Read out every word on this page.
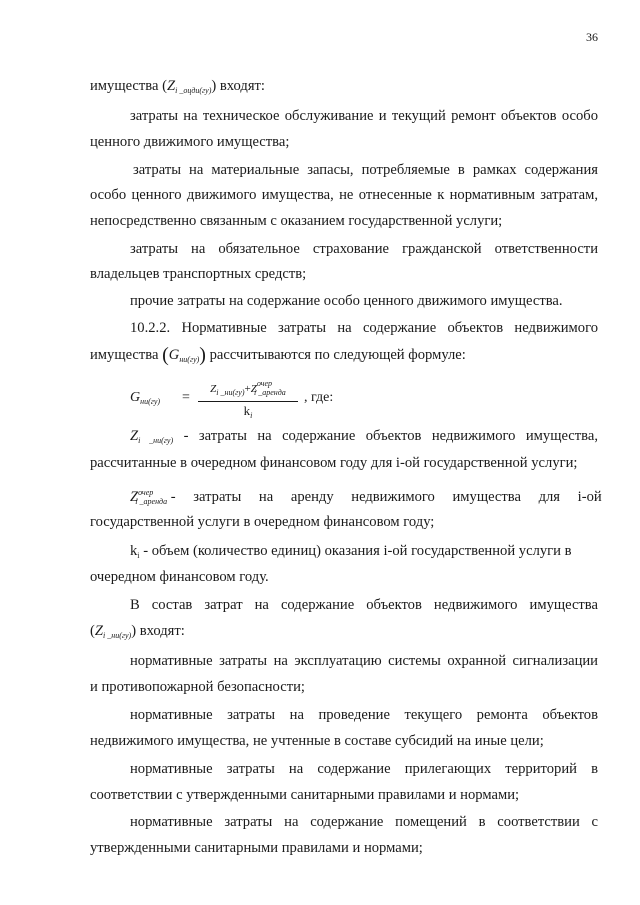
36
имущества $(Z_{i \_оцди(гу)})$ входят:
затраты на техническое обслуживание и текущий ремонт объектов особо
ценного движимого имущества;
затраты на материальные запасы, потребляемые в рамках содержания
особо ценного движимого имущества, не отнесенные к нормативным затратам,
непосредственно связанным с оказанием государственной услуги;
затраты на обязательное страхование гражданской ответственности
владельцев транспортных средств;
прочие затраты на содержание особо ценного движимого имущества.
10.2.2. Нормативные затраты на содержание объектов недвижимого
имущества $(G_{ни(гу)})$ рассчитываются по следующей формуле:
$G_{ни(гу)}$ =
$Z_{i \_ни(гу)}+Z^{очер}_{i \_аренда}$
$k_i$
, где:
$Z_{i \_ни(гу)}$ - затраты на содержание объектов недвижимого имущества,
рассчитанные в очередном финансовом году для i-ой государственной услуги;
$Z^{очер}_{i \_аренда}$ - затраты на аренду недвижимого имущества для i-ой
государственной услуги в очередном финансовом году;
$k_i$ - объем (количество единиц) оказания i-ой государственной услуги в
очередном финансовом году.
В состав затрат на содержание объектов недвижимого имущества
$(Z_{i \_ни(гу)})$ входят:
нормативные затраты на эксплуатацию системы охранной сигнализации
и противопожарной безопасности;
нормативные затраты на проведение текущего ремонта объектов
недвижимого имущества, не учтенные в составе субсидий на иные цели;
нормативные затраты на содержание прилегающих территорий в
соответствии с утвержденными санитарными правилами и нормами;
нормативные затраты на содержание помещений в соответствии с
утвержденными санитарными правилами и нормами;
